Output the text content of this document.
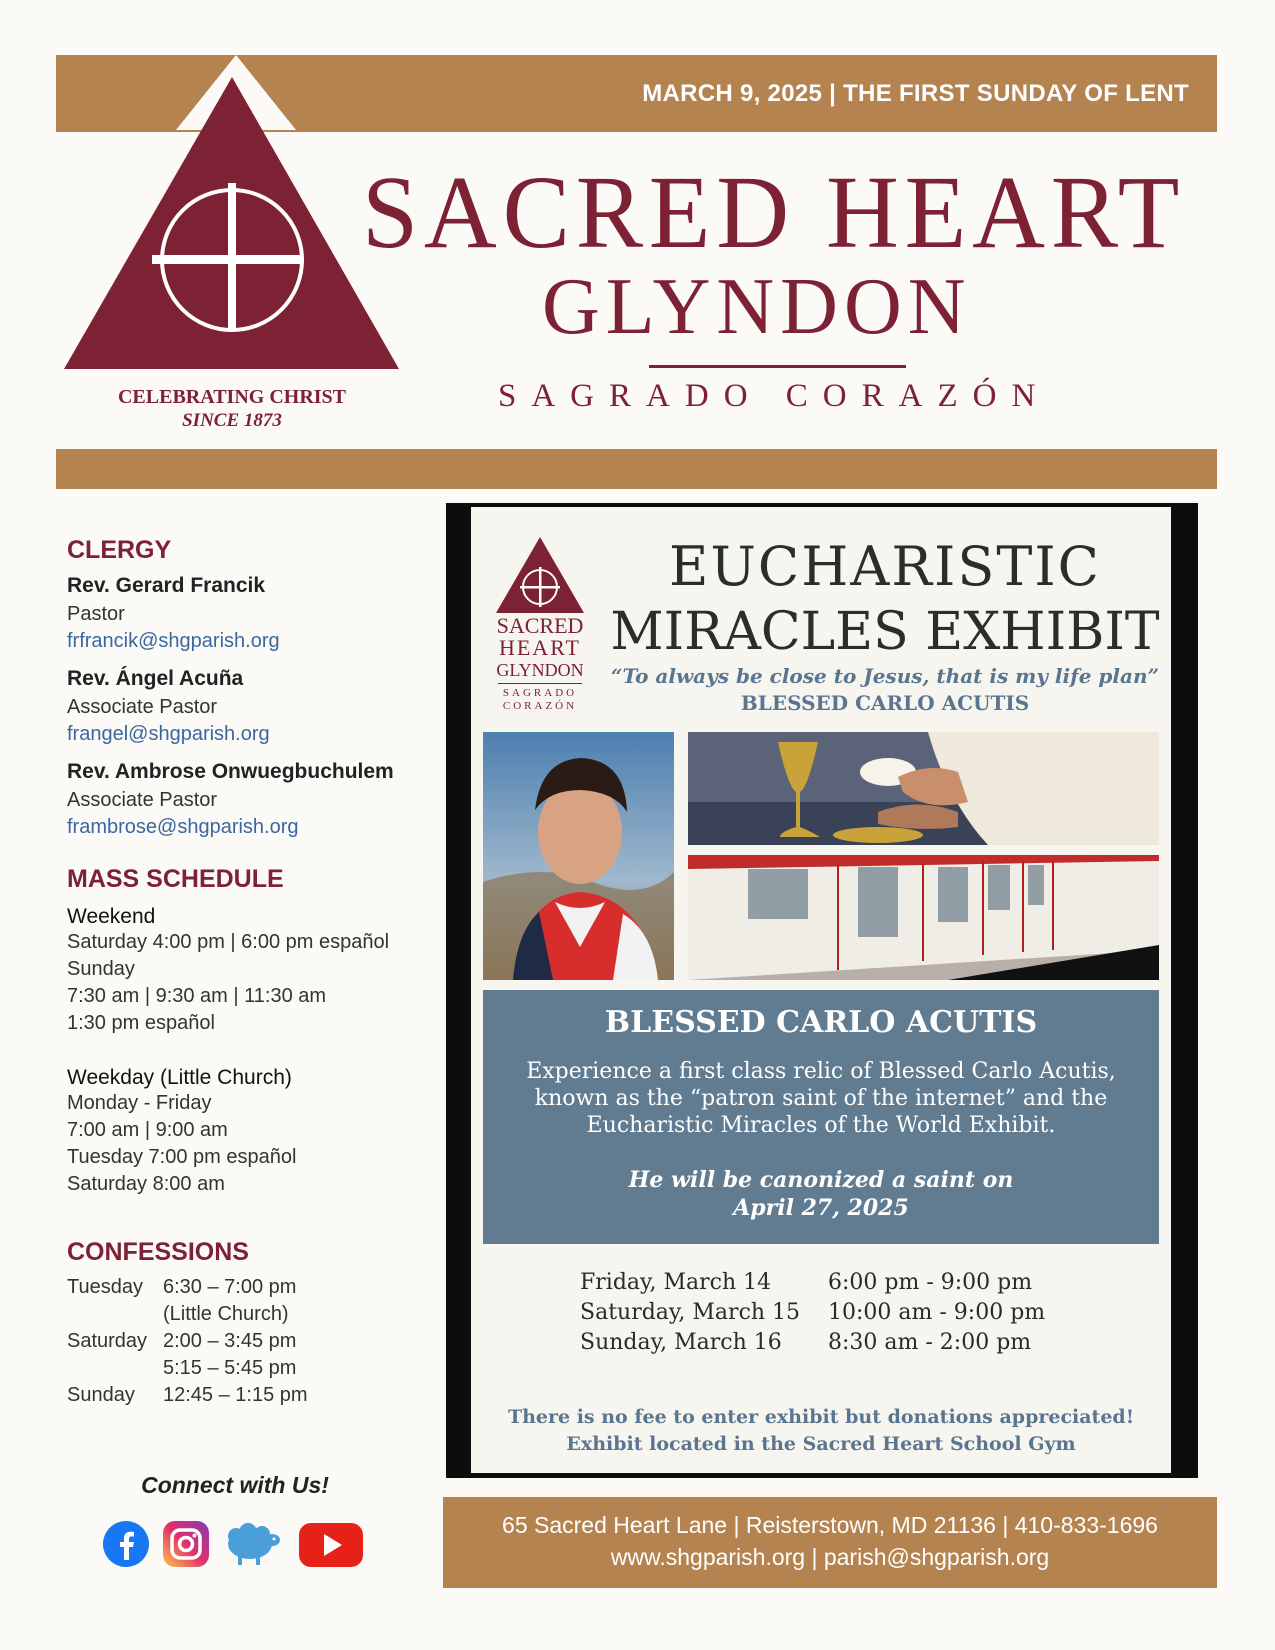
MARCH 9, 2025 | THE FIRST SUNDAY OF LENT
CELEBRATING CHRIST
SINCE 1873
SACRED HEART
GLYNDON
SAGRADO CORAZÓN
CLERGY
Rev. Gerard Francik
Pastor
frfrancik@shgparish.org
Rev. Ángel Acuña
Associate Pastor
frangel@shgparish.org
Rev. Ambrose Onwuegbuchulem
Associate Pastor
frambrose@shgparish.org
MASS SCHEDULE
Weekend
Saturday 4:00 pm | 6:00 pm español
Sunday
7:30 am | 9:30 am | 11:30 am
1:30 pm español
Weekday (Little Church)
Monday - Friday
7:00 am | 9:00 am
Tuesday 7:00 pm español
Saturday 8:00 am
CONFESSIONS
Tuesday 6:30 – 7:00 pm
(Little Church)
Saturday 2:00 – 3:45 pm
5:15 – 5:45 pm
Sunday 12:45 – 1:15 pm
Connect with Us!
SACRED
HEART
GLYNDON
SAGRADO
CORAZÓN
EUCHARISTIC
MIRACLES EXHIBIT
“To always be close to Jesus, that is my life plan”
BLESSED CARLO ACUTIS
BLESSED CARLO ACUTIS
Experience a first class relic of Blessed Carlo Acutis, known as the “patron saint of the internet” and the Eucharistic Miracles of the World Exhibit.
He will be canonized a saint on
April 27, 2025
Friday, March 14	6:00 pm - 9:00 pm
Saturday, March 15 10:00 am - 9:00 pm
Sunday, March 16 8:30 am - 2:00 pm
There is no fee to enter exhibit but donations appreciated!
Exhibit located in the Sacred Heart School Gym
65 Sacred Heart Lane | Reisterstown, MD 21136 | 410-833-1696
www.shgparish.org | parish@shgparish.org
